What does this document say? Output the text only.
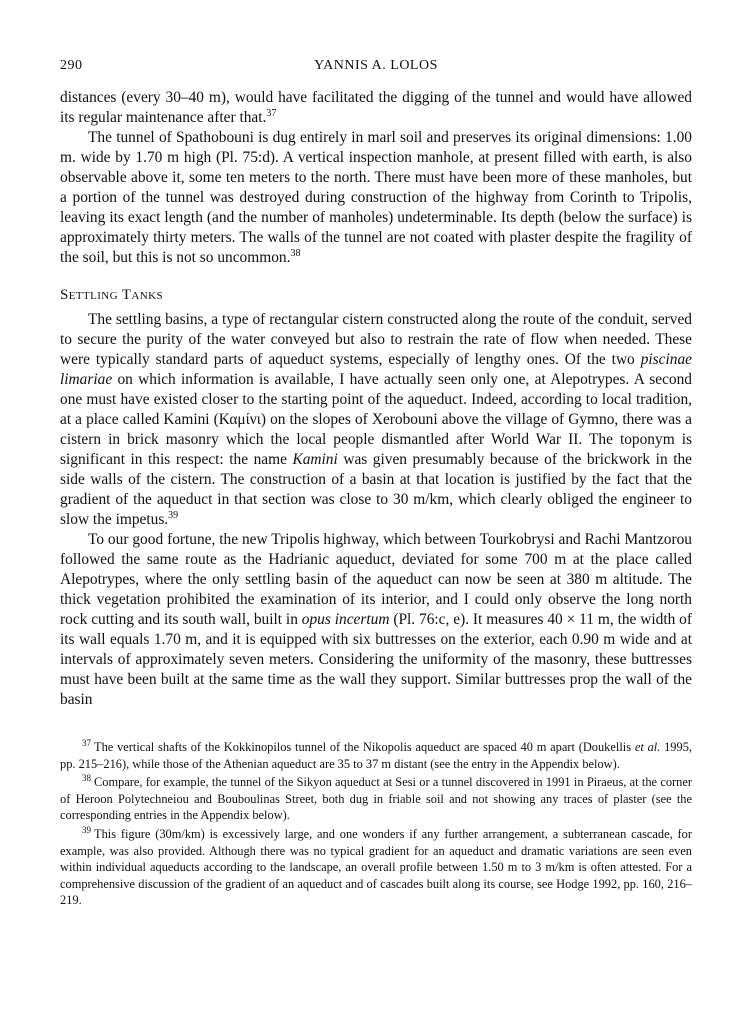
290	YANNIS A. LOLOS

distances (every 30–40 m), would have facilitated the digging of the tunnel and would have allowed its regular maintenance after that.$^{37}$

The tunnel of Spathobouni is dug entirely in marl soil and preserves its original dimensions: 1.00 m. wide by 1.70 m high (Pl. 75:d). A vertical inspection manhole, at present filled with earth, is also observable above it, some ten meters to the north. There must have been more of these manholes, but a portion of the tunnel was destroyed during construction of the highway from Corinth to Tripolis, leaving its exact length (and the number of manholes) undeterminable. Its depth (below the surface) is approximately thirty meters. The walls of the tunnel are not coated with plaster despite the fragility of the soil, but this is not so uncommon.$^{38}$

Settling Tanks

The settling basins, a type of rectangular cistern constructed along the route of the conduit, served to secure the purity of the water conveyed but also to restrain the rate of flow when needed. These were typically standard parts of aqueduct systems, especially of lengthy ones. Of the two piscinae limariae on which information is available, I have actually seen only one, at Alepotrypes. A second one must have existed closer to the starting point of the aqueduct. Indeed, according to local tradition, at a place called Kamini (Καμίνι) on the slopes of Xerobouni above the village of Gymno, there was a cistern in brick masonry which the local people dismantled after World War II. The toponym is significant in this respect: the name Kamini was given presumably because of the brickwork in the side walls of the cistern. The construction of a basin at that location is justified by the fact that the gradient of the aqueduct in that section was close to 30 m/km, which clearly obliged the engineer to slow the impetus.$^{39}$

To our good fortune, the new Tripolis highway, which between Tourkobrysi and Rachi Mantzorou followed the same route as the Hadrianic aqueduct, deviated for some 700 m at the place called Alepotrypes, where the only settling basin of the aqueduct can now be seen at 380 m altitude. The thick vegetation prohibited the examination of its interior, and I could only observe the long north rock cutting and its south wall, built in opus incertum (Pl. 76:c, e). It measures 40 × 11 m, the width of its wall equals 1.70 m, and it is equipped with six buttresses on the exterior, each 0.90 m wide and at intervals of approximately seven meters. Considering the uniformity of the masonry, these buttresses must have been built at the same time as the wall they support. Similar buttresses prop the wall of the basin

$^{37}$ The vertical shafts of the Kokkinopilos tunnel of the Nikopolis aqueduct are spaced 40 m apart (Doukellis et al. 1995, pp. 215–216), while those of the Athenian aqueduct are 35 to 37 m distant (see the entry in the Appendix below).

$^{38}$ Compare, for example, the tunnel of the Sikyon aqueduct at Sesi or a tunnel discovered in 1991 in Piraeus, at the corner of Heroon Polytechneiou and Bouboulinas Street, both dug in friable soil and not showing any traces of plaster (see the corresponding entries in the Appendix below).

$^{39}$ This figure (30m/km) is excessively large, and one wonders if any further arrangement, a subterranean cascade, for example, was also provided. Although there was no typical gradient for an aqueduct and dramatic variations are seen even within individual aqueducts according to the landscape, an overall profile between 1.50 m to 3 m/km is often attested. For a comprehensive discussion of the gradient of an aqueduct and of cascades built along its course, see Hodge 1992, pp. 160, 216–219.
